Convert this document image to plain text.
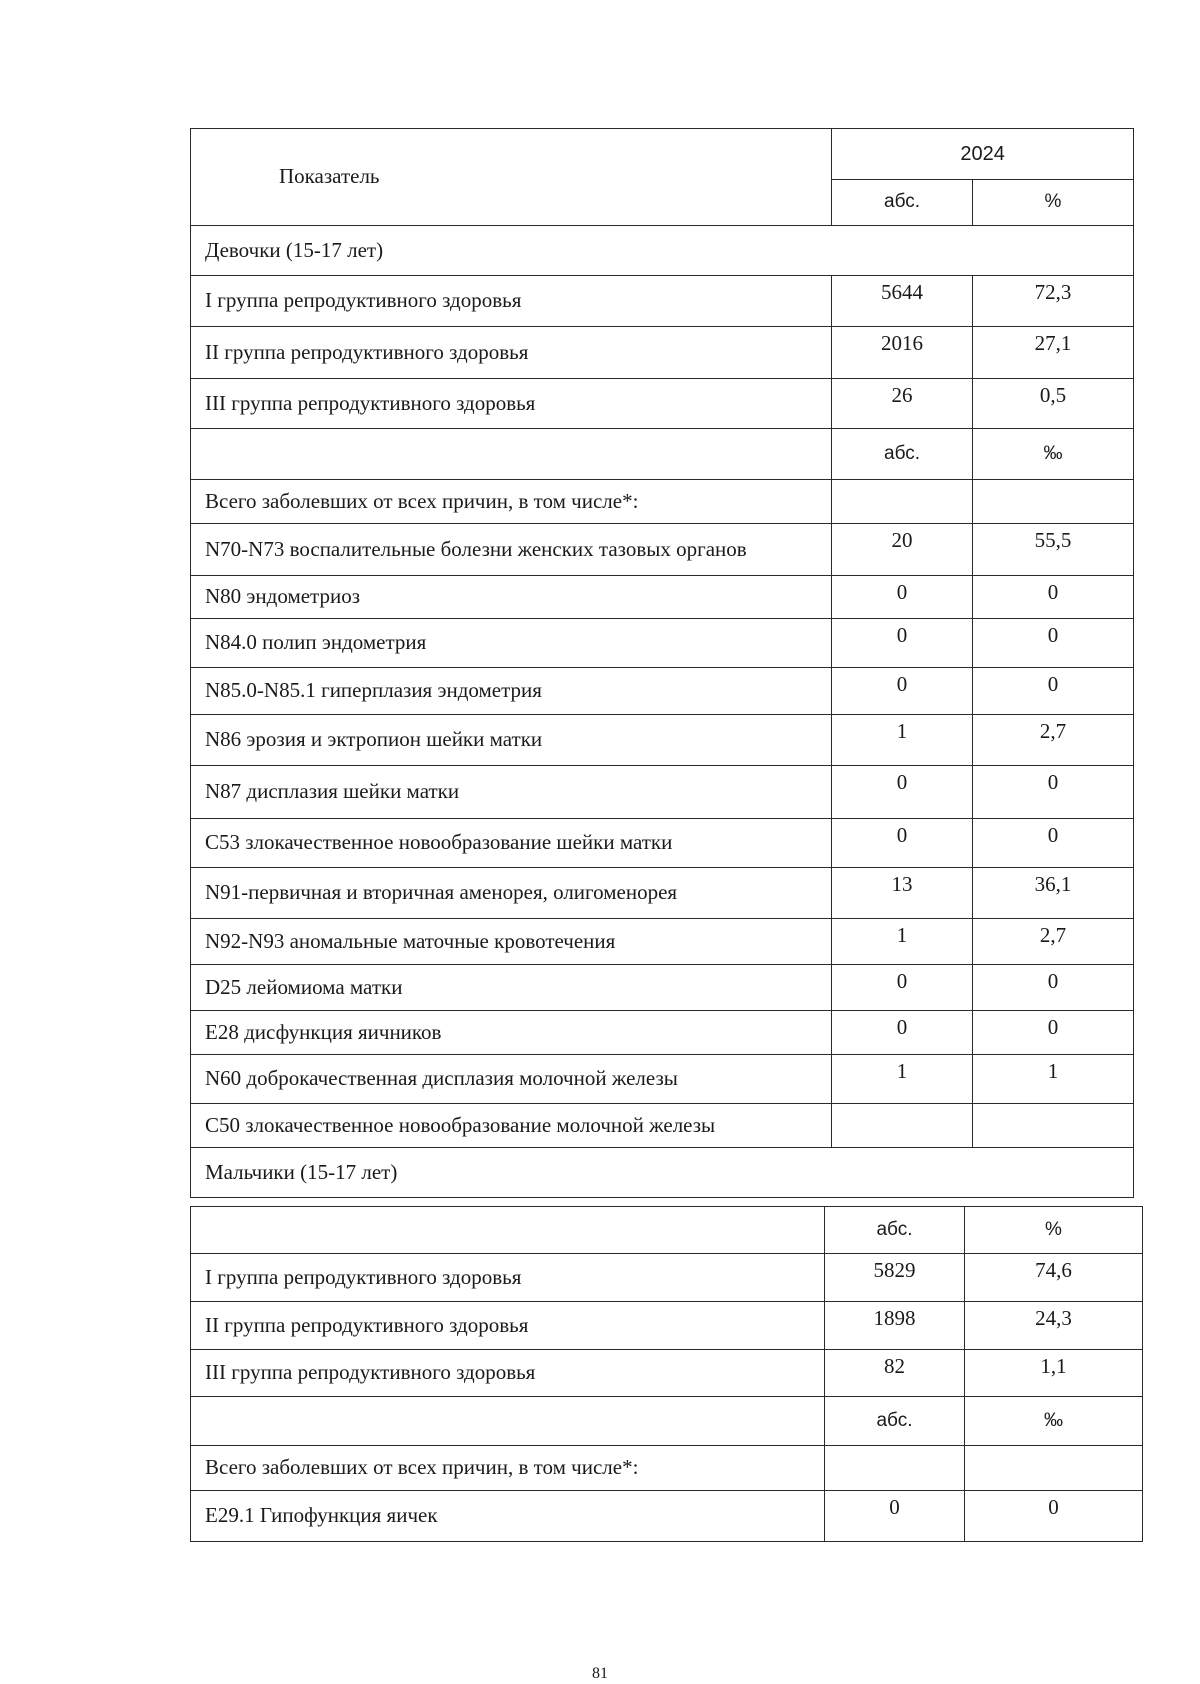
Показатель	2024	
	абс.	%
Девочки (15-17 лет)		
I группа репродуктивного здоровья	5644	72,3
II группа репродуктивного здоровья	2016	27,1
III группа репродуктивного здоровья	26	0,5
	абс.	‰
Всего заболевших от всех причин, в том числе*:		
N70-N73 воспалительные болезни женских тазовых органов	20	55,5
N80 эндометриоз	0	0
N84.0 полип эндометрия	0	0
N85.0-N85.1 гиперплазия эндометрия	0	0
N86 эрозия и эктропион шейки матки	1	2,7
N87 дисплазия шейки матки	0	0
C53 злокачественное новообразование шейки матки	0	0
N91-первичная и вторичная аменорея, олигоменорея	13	36,1
N92-N93 аномальные маточные кровотечения	1	2,7
D25 лейомиома матки	0	0
E28 дисфункция яичников	0	0
N60 доброкачественная дисплазия молочной железы	1	1
C50 злокачественное новообразование молочной железы		
Мальчики (15-17 лет)		
	абс.	%
I группа репродуктивного здоровья	5829	74,6
II группа репродуктивного здоровья	1898	24,3
III группа репродуктивного здоровья	82	1,1
	абс.	‰
Всего заболевших от всех причин, в том числе*:		
E29.1 Гипофункция яичек	0	0
81
